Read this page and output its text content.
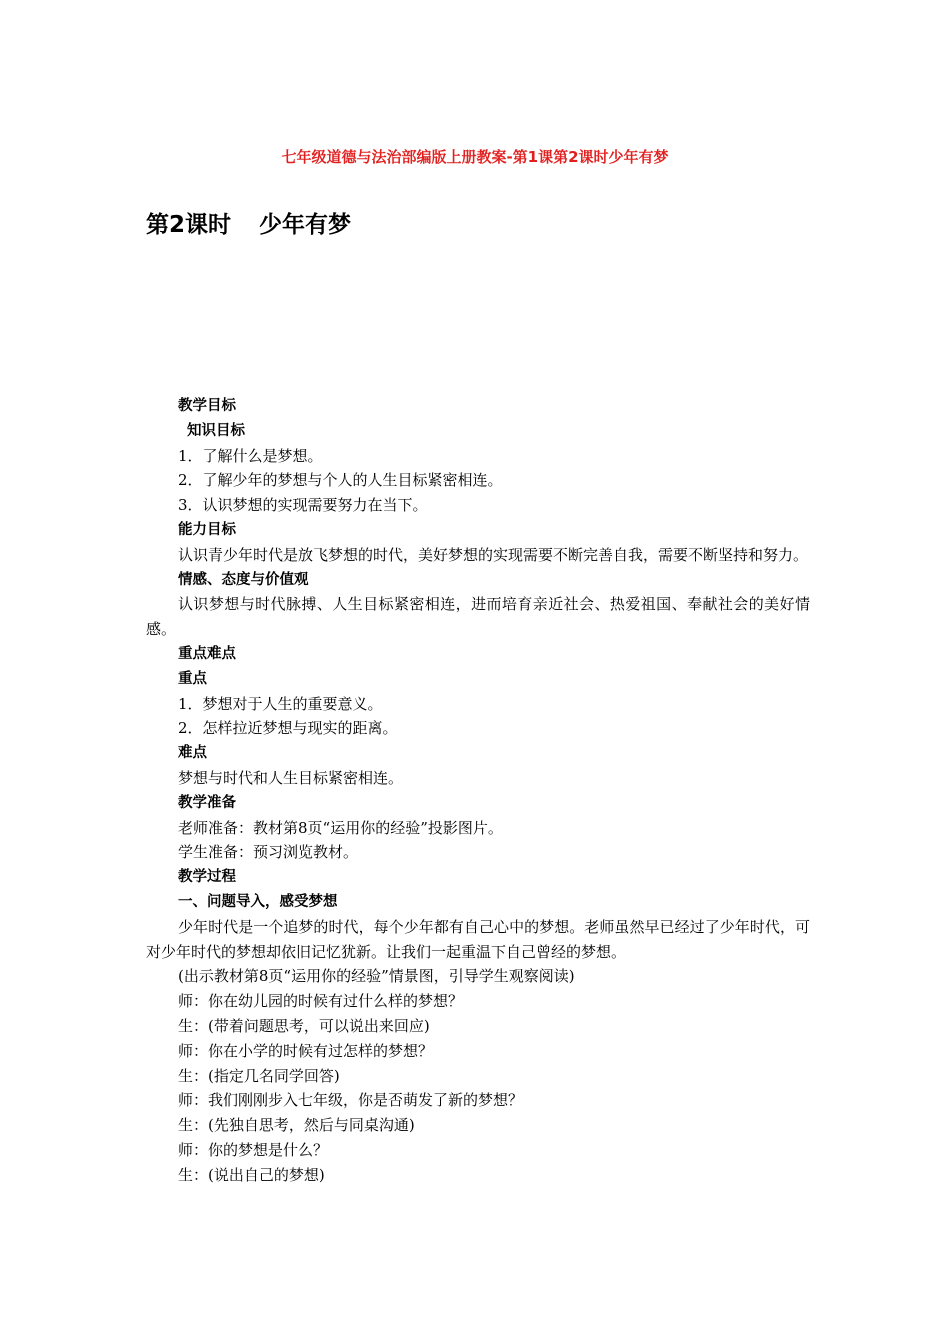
七年级道德与法治部编版上册教案-第1课第2课时少年有梦
第2课时 少年有梦
教学目标
知识目标
1．了解什么是梦想。
2．了解少年的梦想与个人的人生目标紧密相连。
3．认识梦想的实现需要努力在当下。
能力目标
认识青少年时代是放飞梦想的时代，美好梦想的实现需要不断完善自我，需要不断坚持和努力。
情感、态度与价值观
认识梦想与时代脉搏、人生目标紧密相连，进而培育亲近社会、热爱祖国、奉献社会的美好情感。
重点难点
重点
1．梦想对于人生的重要意义。
2．怎样拉近梦想与现实的距离。
难点
梦想与时代和人生目标紧密相连。
教学准备
老师准备：教材第8页“运用你的经验”投影图片。
学生准备：预习浏览教材。
教学过程
一、问题导入，感受梦想
少年时代是一个追梦的时代，每个少年都有自己心中的梦想。老师虽然早已经过了少年时代，可对少年时代的梦想却依旧记忆犹新。让我们一起重温下自己曾经的梦想。
(出示教材第8页“运用你的经验”情景图，引导学生观察阅读)
师：你在幼儿园的时候有过什么样的梦想？
生：(带着问题思考，可以说出来回应)
师：你在小学的时候有过怎样的梦想？
生：(指定几名同学回答)
师：我们刚刚步入七年级，你是否萌发了新的梦想？
生：(先独自思考，然后与同桌沟通)
师：你的梦想是什么？
生：(说出自己的梦想)
